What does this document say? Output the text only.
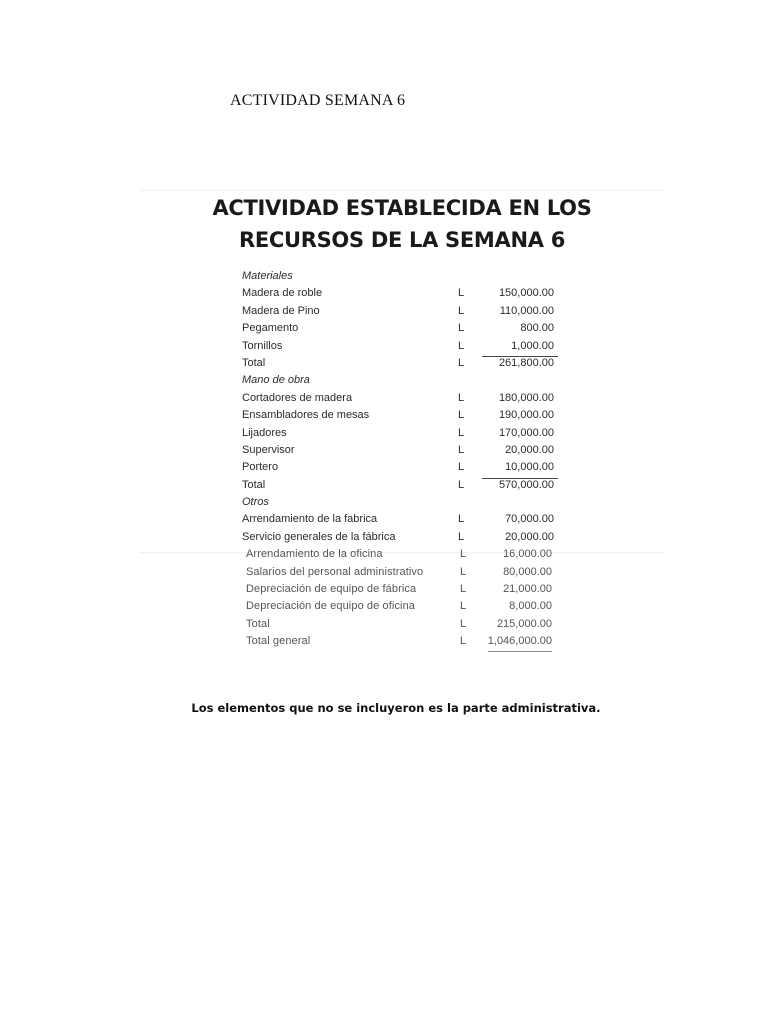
ACTIVIDAD SEMANA 6
ACTIVIDAD ESTABLECIDA EN LOS
RECURSOS DE LA SEMANA 6
Materiales
Madera de roble	L	150,000.00
Madera de Pino	L	110,000.00
Pegamento	L	800.00
Tornillos	L	1,000.00
Total	L	261,800.00
Mano de obra
Cortadores de madera	L	180,000.00
Ensambladores de mesas	L	190,000.00
Lijadores	L	170,000.00
Supervisor	L	20,000.00
Portero	L	10,000.00
Total	L	570,000.00
Otros
Arrendamiento de la fabrica	L	70,000.00
Servicio generales de la fábrica	L	20,000.00
Arrendamiento de la oficina	L	16,000.00
Salarios del personal administrativo	L	80,000.00
Depreciación de equipo de fábrica	L	21,000.00
Depreciación de equipo de oficina	L	8,000.00
Total	L	215,000.00
Total general	L 1,046,000.00
Los elementos que no se incluyeron es la parte administrativa.
